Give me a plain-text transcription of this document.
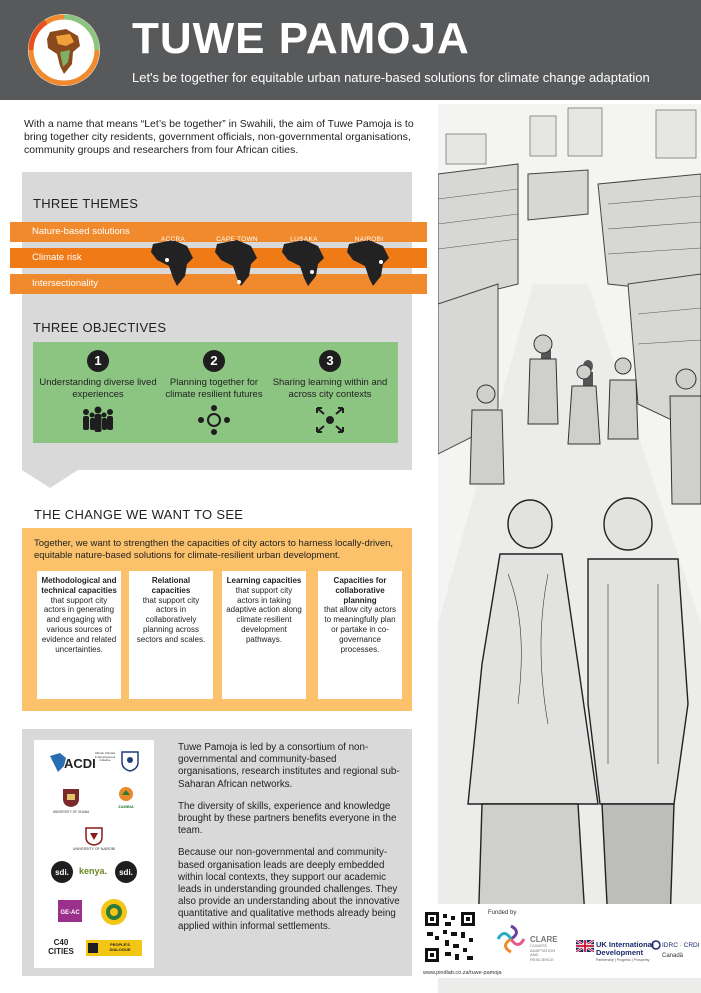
TUWE PAMOJA
Let's be together for equitable urban nature-based solutions for climate change adaptation
With a name that means “Let’s be together” in Swahili, the aim of Tuwe Pamoja is to bring together city residents, government officials, non-governmental organisations, community groups and researchers from four African cities.
THREE THEMES
Nature-based solutions
Climate risk
Intersectionality
ACCRA	CAPE TOWN	LUSAKA	NAIROBI
THREE OBJECTIVES
1
Understanding diverse lived experiences
2
Planning together for climate resilient futures
3
Sharing learning within and across city contexts
THE CHANGE WE WANT TO SEE
Together, we want to strengthen the capacities of city actors to harness locally-driven, equitable nature-based solutions for climate-resilient urban development.
Methodological and technical capacities
that support city actors in generating and engaging with various sources of evidence and related uncertainties.
Relational capacities
that support city actors in collaboratively planning across sectors and scales.
Learning capacities
that support city actors in taking adaptive action along climate resilient development pathways.
Capacities for collaborative planning
that allow city actors to meaningfully plan or partake in co-governance processes.
ACDI
African Climate & Development Initiative
UNIVERSITY OF GHANA
ZAMBIA
UNIVERSITY OF NAIROBI
sdi.	kenya.	sdi.
GE-AC
C40 CITIES
PEOPLE'S DIALOGUE

Tuwe Pamoja is led by a consortium of non-governmental and community-based organisations, research institutes and regional sub-Saharan African networks.

The diversity of skills, experience and knowledge brought by these partners benefits everyone in the team.

Because our non-governmental and community-based organisation leads are deeply embedded within local contexts, they support our academic leads in understanding grounded challenges. They also provide an understanding about the innovative quantitative and qualitative methods already being applied within informal settlements.

Funded by
www.pindlab.co.za/tuwe-pamoja
CLARE
CLIMATE ADAPTATION AND RESILIENCE
UK International Development
Partnership | Progress | Prosperity
IDRC · CRDI
Canadä
